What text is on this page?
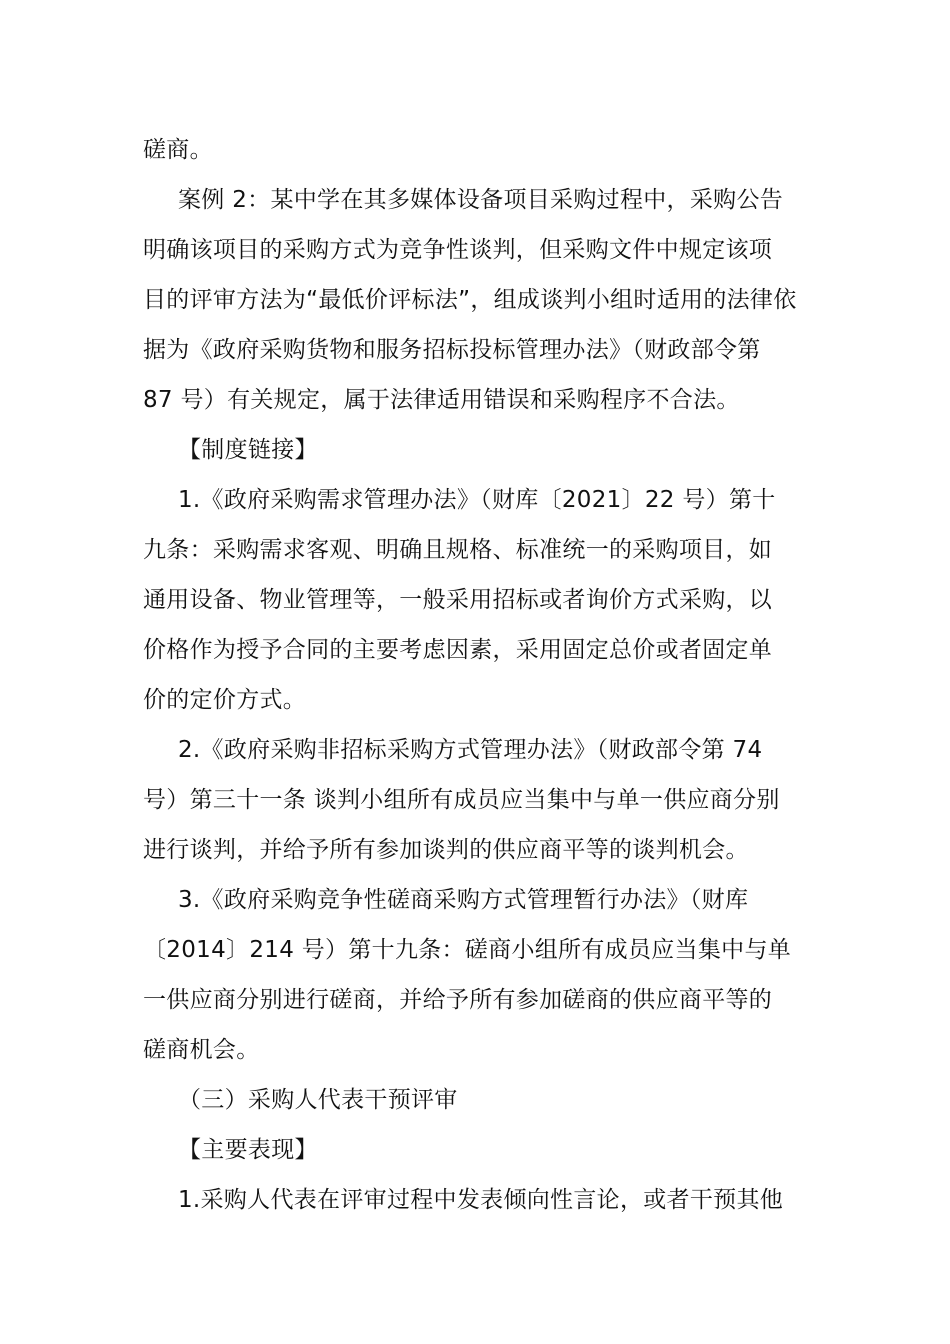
磋商。
案例 2：某中学在其多媒体设备项目采购过程中，采购公告
明确该项目的采购方式为竞争性谈判，但采购文件中规定该项
目的评审方法为“最低价评标法”，组成谈判小组时适用的法律依
据为《政府采购货物和服务招标投标管理办法》（财政部令第
87 号）有关规定，属于法律适用错误和采购程序不合法。
【制度链接】
1.《政府采购需求管理办法》（财库〔2021〕22 号）第十
九条：采购需求客观、明确且规格、标准统一的采购项目，如
通用设备、物业管理等，一般采用招标或者询价方式采购，以
价格作为授予合同的主要考虑因素，采用固定总价或者固定单
价的定价方式。
2.《政府采购非招标采购方式管理办法》（财政部令第 74
号）第三十一条 谈判小组所有成员应当集中与单一供应商分别
进行谈判，并给予所有参加谈判的供应商平等的谈判机会。
3.《政府采购竞争性磋商采购方式管理暂行办法》（财库
〔2014〕214 号）第十九条：磋商小组所有成员应当集中与单
一供应商分别进行磋商，并给予所有参加磋商的供应商平等的
磋商机会。
（三）采购人代表干预评审
【主要表现】
1.采购人代表在评审过程中发表倾向性言论，或者干预其他
